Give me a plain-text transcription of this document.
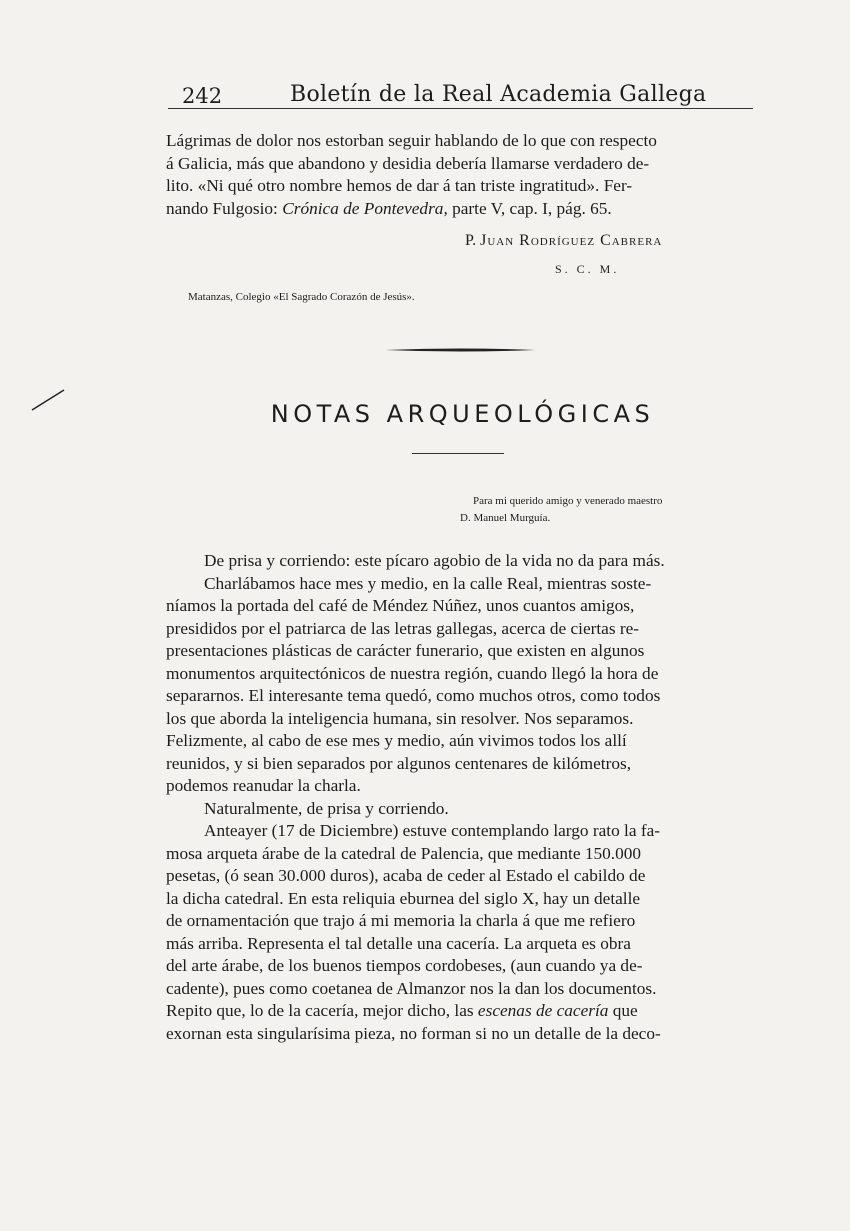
242	Boletín de la Real Academia Gallega
Lágrimas de dolor nos estorban seguir hablando de lo que con respecto
á Galicia, más que abandono y desidia debería llamarse verdadero de-
lito. «Ni qué otro nombre hemos de dar á tan triste ingratitud». Fer-
nando Fulgosio: Crónica de Pontevedra, parte V, cap. I, pág. 65.
P. Juan Rodríguez Cabrera
S. C. M.
Matanzas, Colegio «El Sagrado Corazón de Jesús».
NOTAS ARQUEOLÓGICAS
Para mi querido amigo y venerado maestro
D. Manuel Murguía.
De prisa y corriendo: este pícaro agobio de la vida no da para más.
Charlábamos hace mes y medio, en la calle Real, mientras soste-
níamos la portada del café de Méndez Núñez, unos cuantos amigos,
presididos por el patriarca de las letras gallegas, acerca de ciertas re-
presentaciones plásticas de carácter funerario, que existen en algunos
monumentos arquitectónicos de nuestra región, cuando llegó la hora de
separarnos. El interesante tema quedó, como muchos otros, como todos
los que aborda la inteligencia humana, sin resolver. Nos separamos.
Felizmente, al cabo de ese mes y medio, aún vivimos todos los allí
reunidos, y si bien separados por algunos centenares de kilómetros,
podemos reanudar la charla.
Naturalmente, de prisa y corriendo.
Anteayer (17 de Diciembre) estuve contemplando largo rato la fa-
mosa arqueta árabe de la catedral de Palencia, que mediante 150.000
pesetas, (ó sean 30.000 duros), acaba de ceder al Estado el cabildo de
la dicha catedral. En esta reliquia eburnea del siglo X, hay un detalle
de ornamentación que trajo á mi memoria la charla á que me refiero
más arriba. Representa el tal detalle una cacería. La arqueta es obra
del arte árabe, de los buenos tiempos cordobeses, (aun cuando ya de-
cadente), pues como coetanea de Almanzor nos la dan los documentos.
Repito que, lo de la cacería, mejor dicho, las escenas de cacería que
exornan esta singularísima pieza, no forman si no un detalle de la deco-
